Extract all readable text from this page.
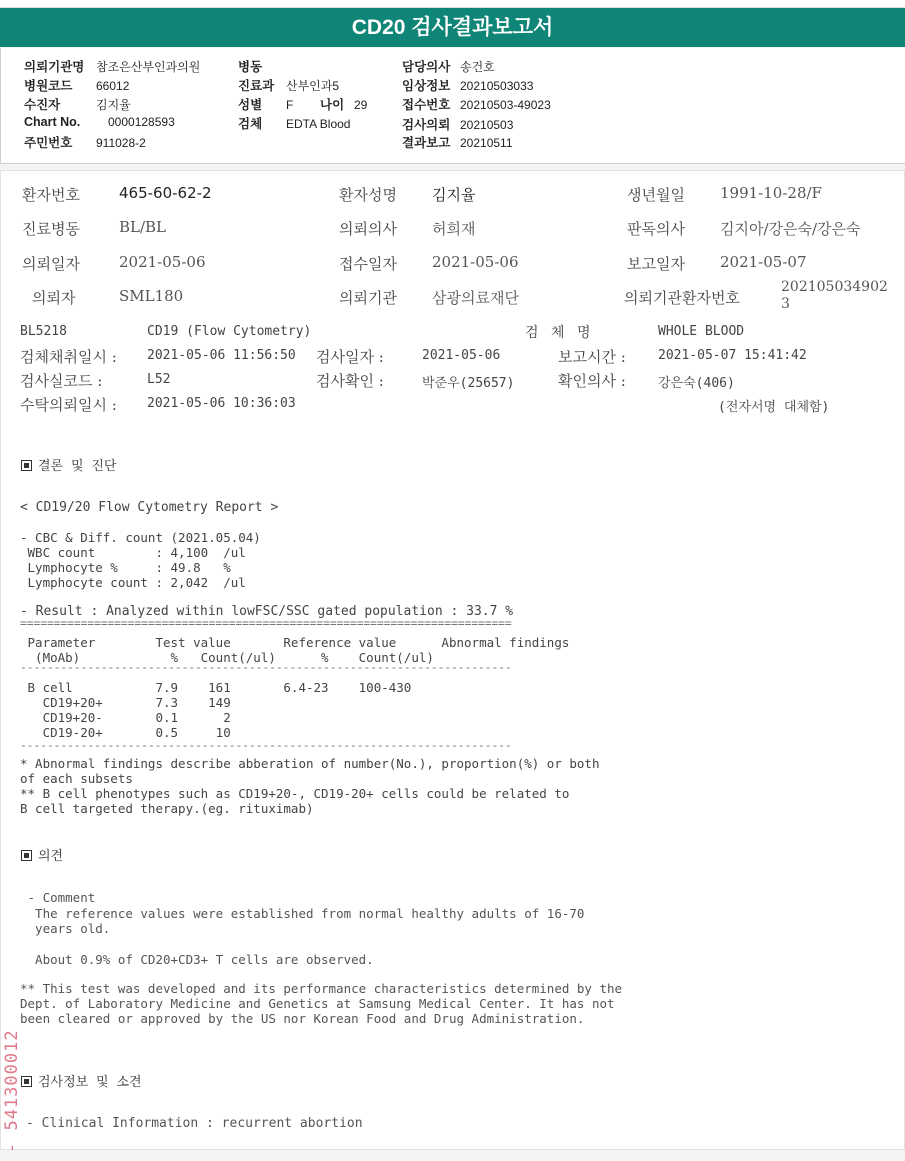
CD20 검사결과보고서
의뢰기관명 참조은산부인과의원
병원코드 66012
수진자	김지율
Chart No. 0000128593
주민번호 911028-2
병동
진료과 산부인과5
성별 F 나이 29
검체 EDTA Blood
담당의사 송건호
임상정보 20210503033
접수번호 20210503-49023
검사의뢰 20210503
결과보고 20210511
환자번호	465-60-62-2	환자성명 김지율	생년월일 1991-10-28/F
진료병동	BL/BL	의뢰의사 허희재	판독의사 김지아/강은숙/강은숙
의뢰일자	2021-05-06	접수일자 2021-05-06	보고일자 2021-05-07
의뢰자	SML180	의뢰기관 삼광의료재단	의뢰기관환자번호
202105034902
3
BL5218	CD19 (Flow Cytometry)	검 체 명	WHOLE BLOOD
검체채취일시 : 2021-05-06 11:56:50 검사일자 :	2021-05-06	보고시간 : 2021-05-07 15:41:42
검사실코드 :	L52	검사확인 :	박준우(25657)	확인의사 : 강은숙(406)
수탁의뢰일시 : 2021-05-06 10:36:03	(전자서명 대체함)
결론 및 진단
< CD19/20 Flow Cytometry Report >
- CBC & Diff. count (2021.05.04)
WBC count        : 4,100  /ul
Lymphocyte %     : 49.8   %
Lymphocyte count : 2,042  /ul
- Result : Analyzed within lowFSC/SSC gated population : 33.7 %
=========================================================================
Parameter        Test value       Reference value      Abnormal findings
(MoAb)            %   Count(/ul)      %    Count(/ul)
-------------------------------------------------------------------------
B cell           7.9    161       6.4-23    100-430
CD19+20+       7.3    149
CD19+20-       0.1      2
CD19-20+       0.5     10
-------------------------------------------------------------------------
* Abnormal findings describe abberation of number(No.), proportion(%) or both
of each subsets
** B cell phenotypes such as CD19+20-, CD19-20+ cells could be related to
B cell targeted therapy.(eg. rituximab)
의견
- Comment
The reference values were established from normal healthy adults of 16-70
years old.

About 0.9% of CD20+CD3+ T cells are observed.
** This test was developed and its performance characteristics determined by the
Dept. of Laboratory Medicine and Genetics at Samsung Medical Center. It has not
been cleared or approved by the US nor Korean Food and Drug Administration.
검사정보 및 소견
- Clinical Information : recurrent abortion
- 541300012
